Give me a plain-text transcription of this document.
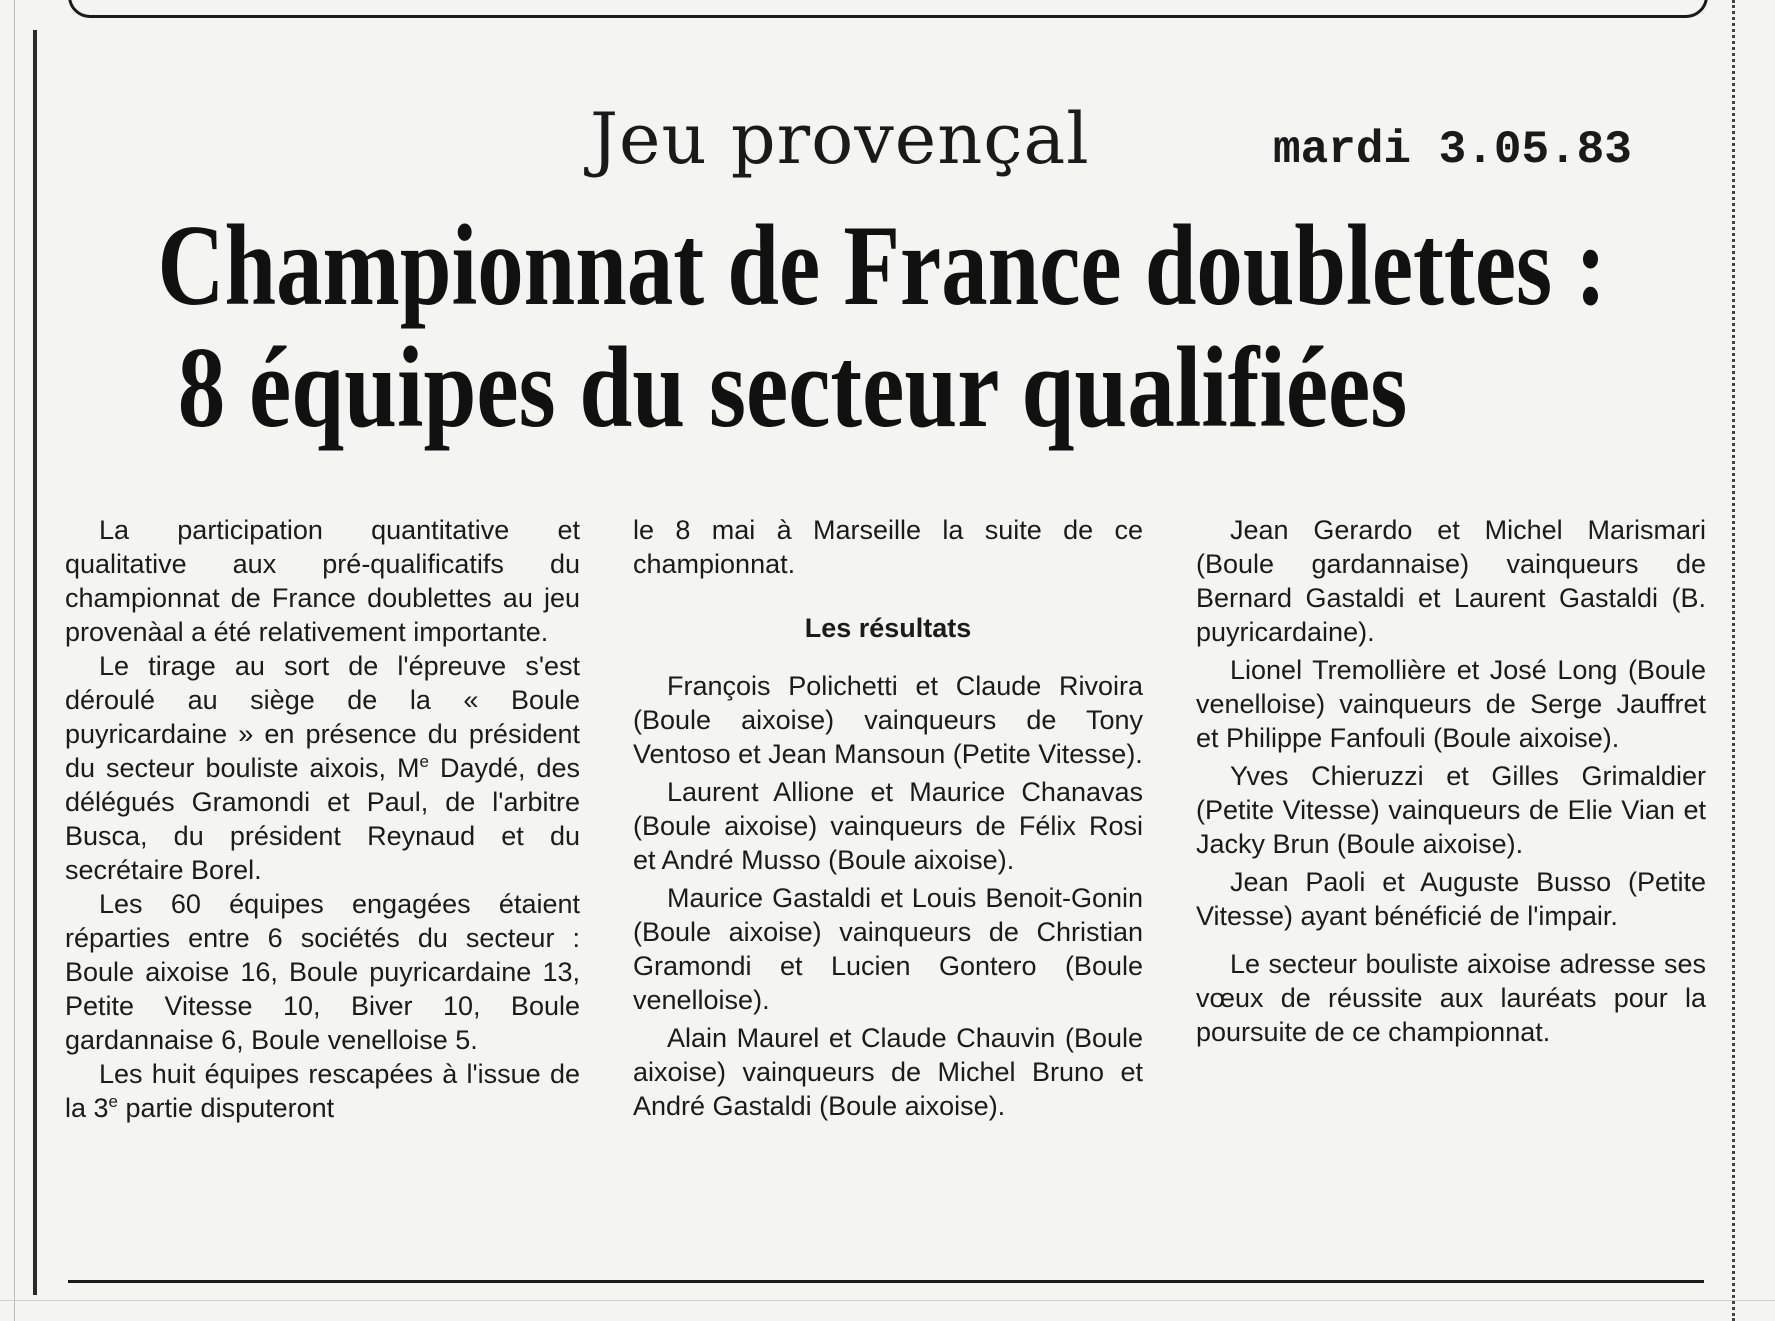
Jeu provençal	mardi 3.05.83
Championnat de France doublettes :
8 équipes du secteur qualifiées

La participation quantitative et qualitative aux pré-qualificatifs du championnat de France doublettes au jeu provenàal a été relativement importante.

Le tirage au sort de l'épreuve s'est déroulé au siège de la « Boule puyricardaine » en présence du président du secteur bouliste aixois, Me Daydé, des délégués Gramondi et Paul, de l'arbitre Busca, du président Reynaud et du secrétaire Borel.

Les 60 équipes engagées étaient réparties entre 6 sociétés du secteur : Boule aixoise 16, Boule puyricardaine 13, Petite Vitesse 10, Biver 10, Boule gardannaise 6, Boule venelloise 5.

Les huit équipes rescapées à l'issue de la 3e partie disputeront

le 8 mai à Marseille la suite de ce championnat.

Les résultats

François Polichetti et Claude Rivoira (Boule aixoise) vainqueurs de Tony Ventoso et Jean Mansoun (Petite Vitesse).

Laurent Allione et Maurice Chanavas (Boule aixoise) vainqueurs de Félix Rosi et André Musso (Boule aixoise).

Maurice Gastaldi et Louis Benoit-Gonin (Boule aixoise) vainqueurs de Christian Gramondi et Lucien Gontero (Boule venelloise).

Alain Maurel et Claude Chauvin (Boule aixoise) vainqueurs de Michel Bruno et André Gastaldi (Boule aixoise).

Jean Gerardo et Michel Marismari (Boule gardannaise) vainqueurs de Bernard Gastaldi et Laurent Gastaldi (B. puyricardaine).

Lionel Tremollière et José Long (Boule venelloise) vainqueurs de Serge Jauffret et Philippe Fanfouli (Boule aixoise).

Yves Chieruzzi et Gilles Grimaldier (Petite Vitesse) vainqueurs de Elie Vian et Jacky Brun (Boule aixoise).

Jean Paoli et Auguste Busso (Petite Vitesse) ayant bénéficié de l'impair.

Le secteur bouliste aixoise adresse ses vœux de réussite aux lauréats pour la poursuite de ce championnat.
